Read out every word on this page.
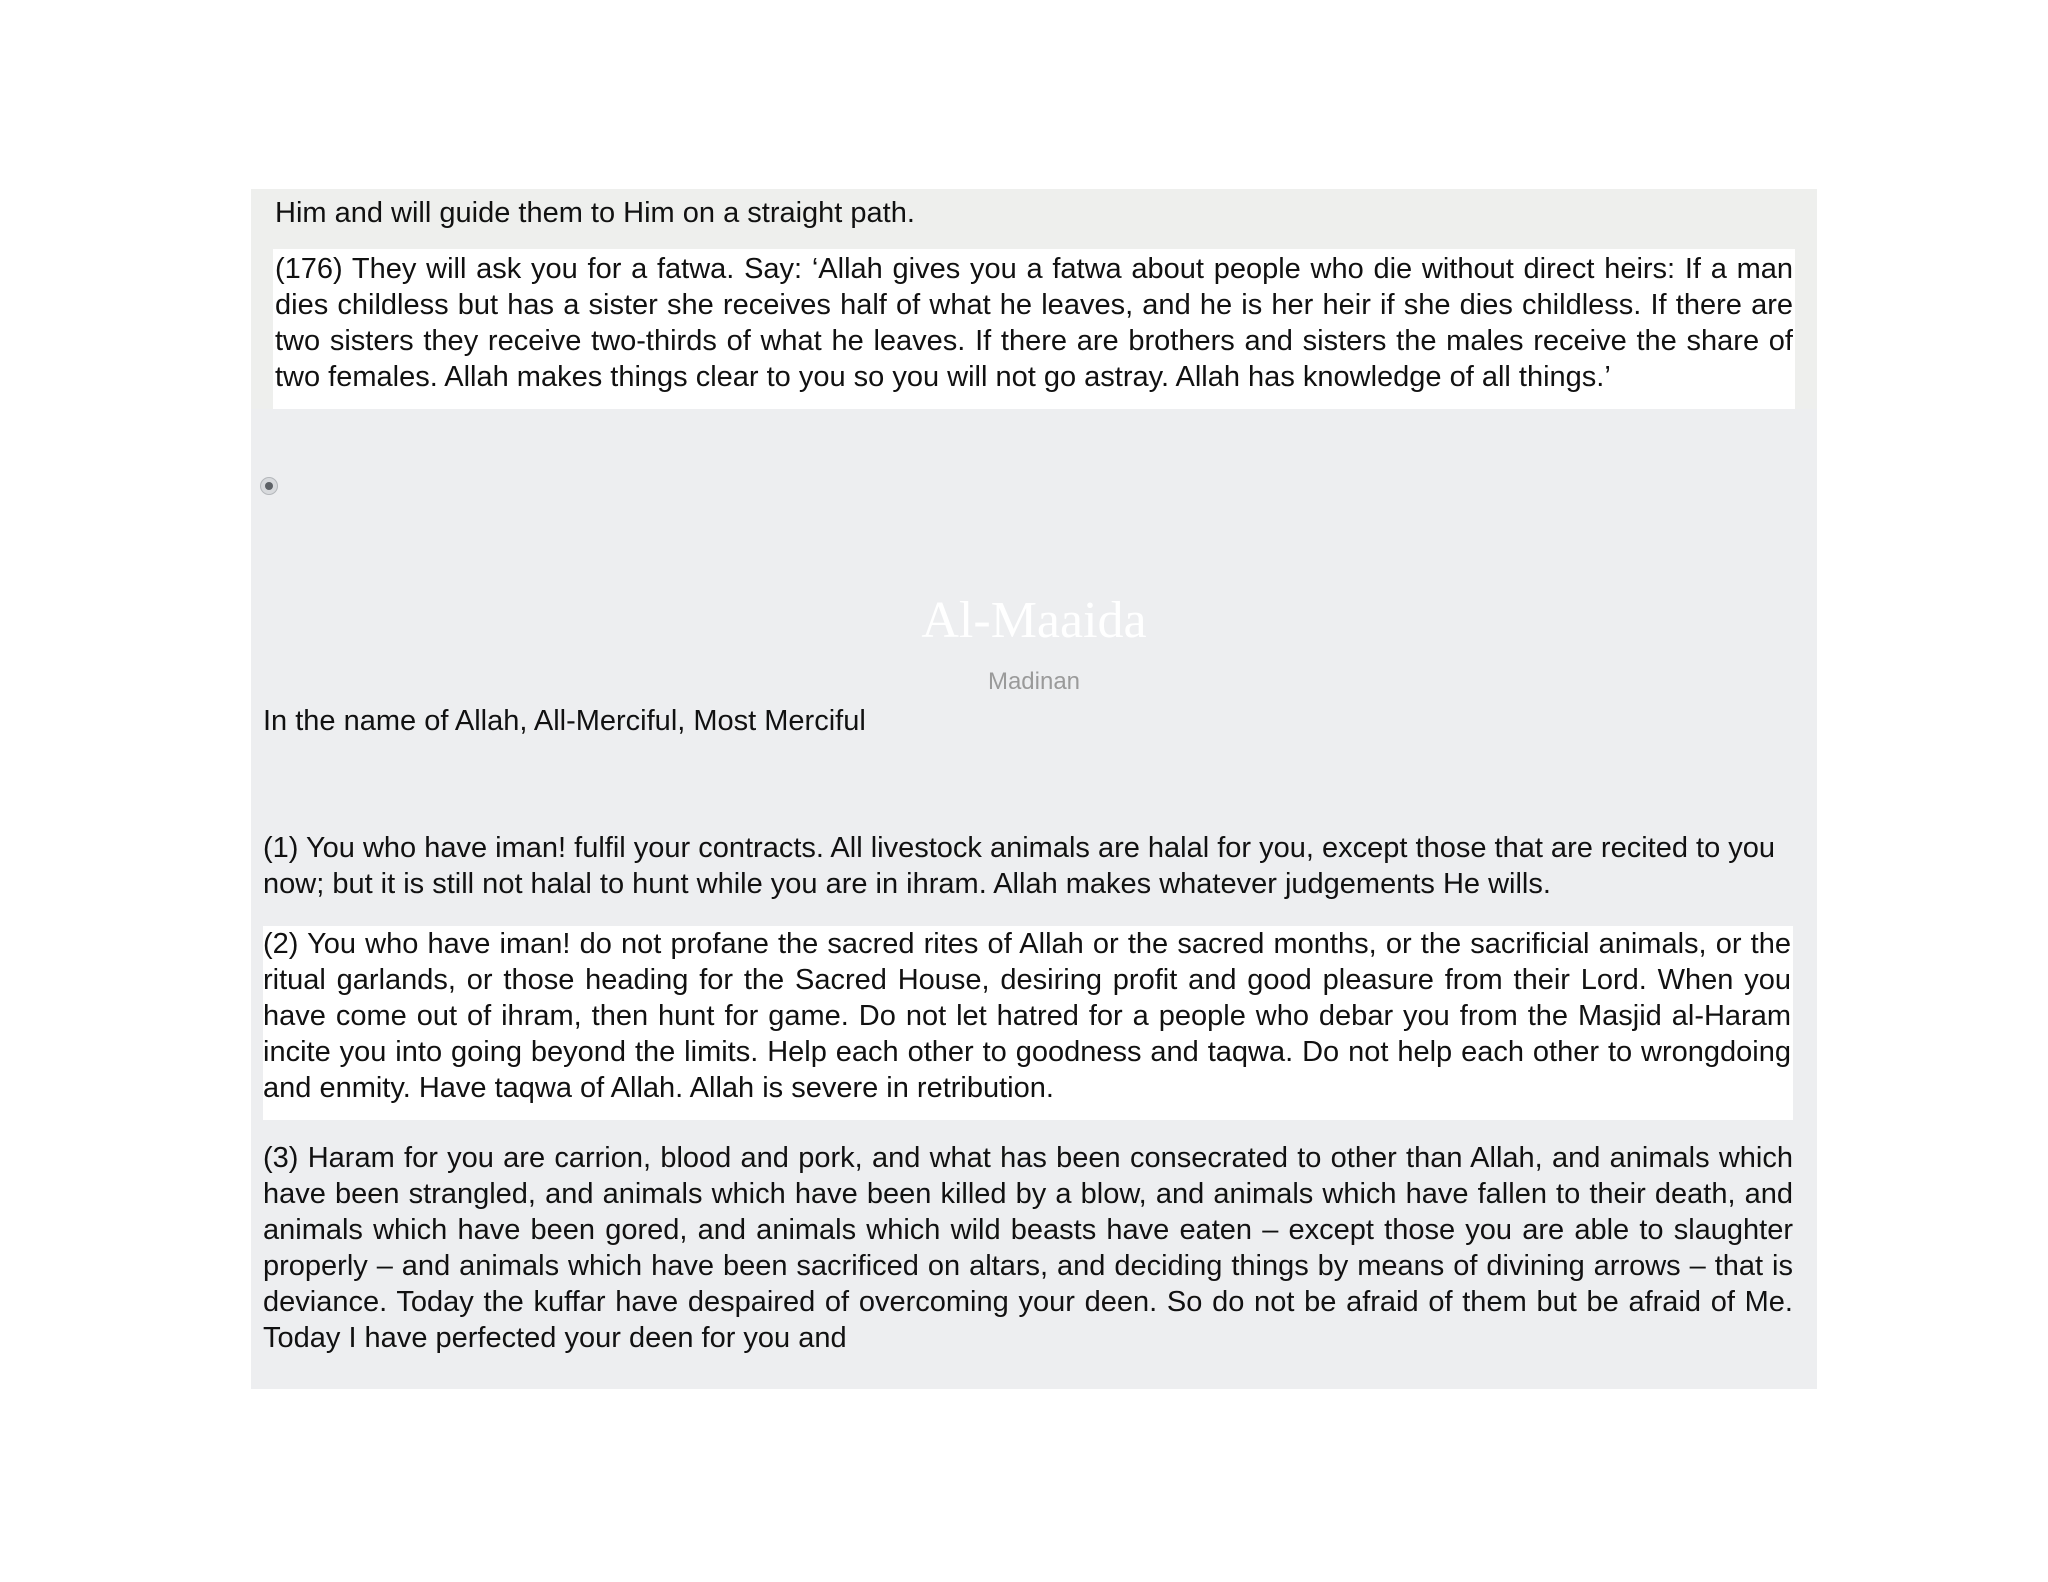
Him and will guide them to Him on a straight path.

(176) They will ask you for a fatwa. Say: ‘Allah gives you a fatwa about people who die without direct heirs: If a man dies childless but has a sister she receives half of what he leaves, and he is her heir if she dies childless. If there are two sisters they receive two-thirds of what he leaves. If there are brothers and sisters the males receive the share of two females. Allah makes things clear to you so you will not go astray. Allah has knowledge of all things.’
Al-Maaida
Madinan
In the name of Allah, All-Merciful, Most Merciful

(1) You who have iman! fulfil your contracts. All livestock animals are halal for you, except those that are recited to you now; but it is still not halal to hunt while you are in ihram. Allah makes whatever judgements He wills.

(2) You who have iman! do not profane the sacred rites of Allah or the sacred months, or the sacrificial animals, or the ritual garlands, or those heading for the Sacred House, desiring profit and good pleasure from their Lord. When you have come out of ihram, then hunt for game. Do not let hatred for a people who debar you from the Masjid al-Haram incite you into going beyond the limits. Help each other to goodness and taqwa. Do not help each other to wrongdoing and enmity. Have taqwa of Allah. Allah is severe in retribution.

(3) Haram for you are carrion, blood and pork, and what has been consecrated to other than Allah, and animals which have been strangled, and animals which have been killed by a blow, and animals which have fallen to their death, and animals which have been gored, and animals which wild beasts have eaten – except those you are able to slaughter properly – and animals which have been sacrificed on altars, and deciding things by means of divining arrows – that is deviance. Today the kuffar have despaired of overcoming your deen. So do not be afraid of them but be afraid of Me. Today I have perfected your deen for you and
